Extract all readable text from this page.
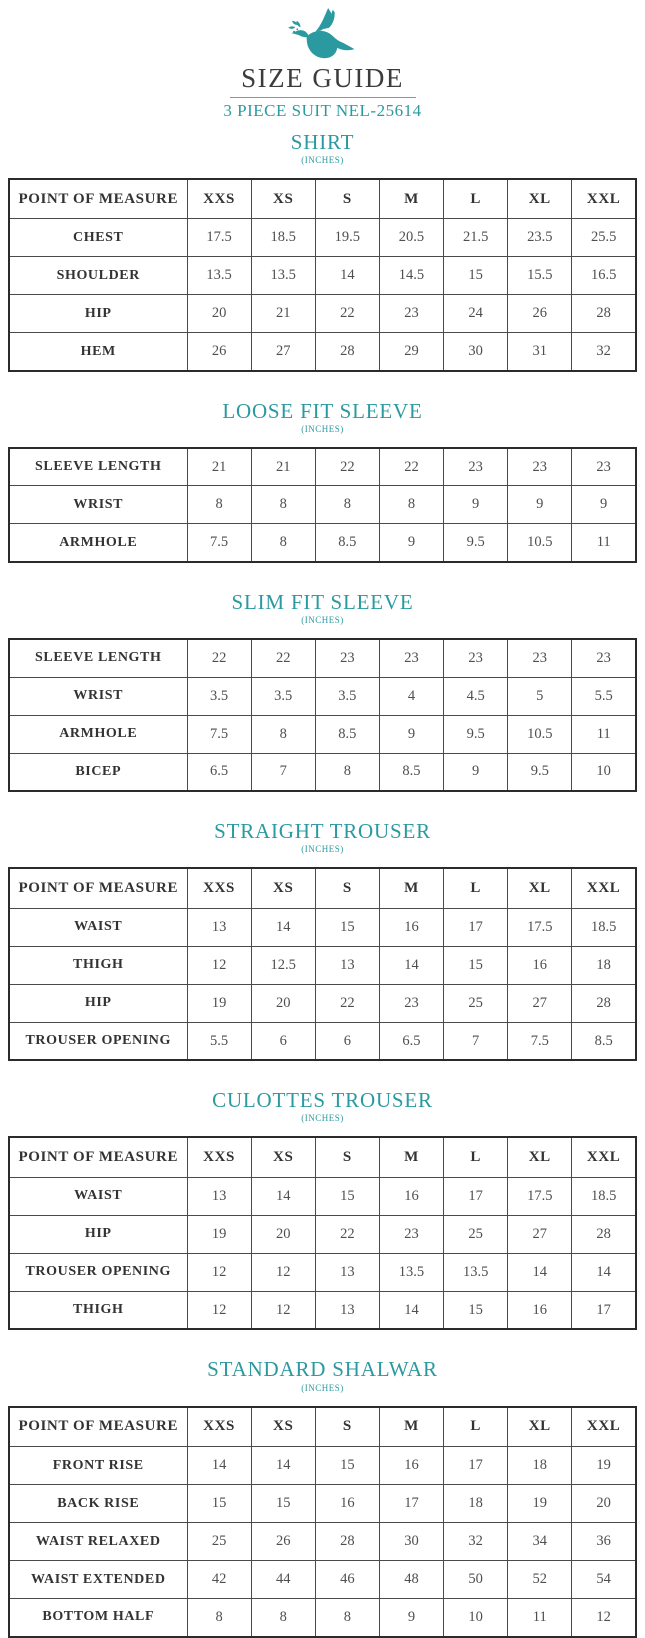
SIZE GUIDE
3 PIECE SUIT NEL-25614
SHIRT
(INCHES)
POINT OF MEASURE	XXS	XS	S	M	L	XL	XXL
CHEST	17.5	18.5	19.5	20.5	21.5	23.5	25.5
SHOULDER	13.5	13.5	14	14.5	15	15.5	16.5
HIP	20	21	22	23	24	26	28
HEM	26	27	28	29	30	31	32
LOOSE FIT SLEEVE
(INCHES)
SLEEVE LENGTH	21	21	22	22	23	23	23
WRIST	8	8	8	8	9	9	9
ARMHOLE	7.5	8	8.5	9	9.5	10.5	11
SLIM FIT SLEEVE
(INCHES)
SLEEVE LENGTH	22	22	23	23	23	23	23
WRIST	3.5	3.5	3.5	4	4.5	5	5.5
ARMHOLE	7.5	8	8.5	9	9.5	10.5	11
BICEP	6.5	7	8	8.5	9	9.5	10
STRAIGHT TROUSER
(INCHES)
POINT OF MEASURE	XXS	XS	S	M	L	XL	XXL
WAIST	13	14	15	16	17	17.5	18.5
THIGH	12	12.5	13	14	15	16	18
HIP	19	20	22	23	25	27	28
TROUSER OPENING	5.5	6	6	6.5	7	7.5	8.5
CULOTTES TROUSER
(INCHES)
POINT OF MEASURE	XXS	XS	S	M	L	XL	XXL
WAIST	13	14	15	16	17	17.5	18.5
HIP	19	20	22	23	25	27	28
TROUSER OPENING	12	12	13	13.5	13.5	14	14
THIGH	12	12	13	14	15	16	17
STANDARD SHALWAR
(INCHES)
POINT OF MEASURE	XXS	XS	S	M	L	XL	XXL
FRONT RISE	14	14	15	16	17	18	19
BACK RISE	15	15	16	17	18	19	20
WAIST RELAXED	25	26	28	30	32	34	36
WAIST EXTENDED	42	44	46	48	50	52	54
BOTTOM HALF	8	8	8	9	10	11	12
